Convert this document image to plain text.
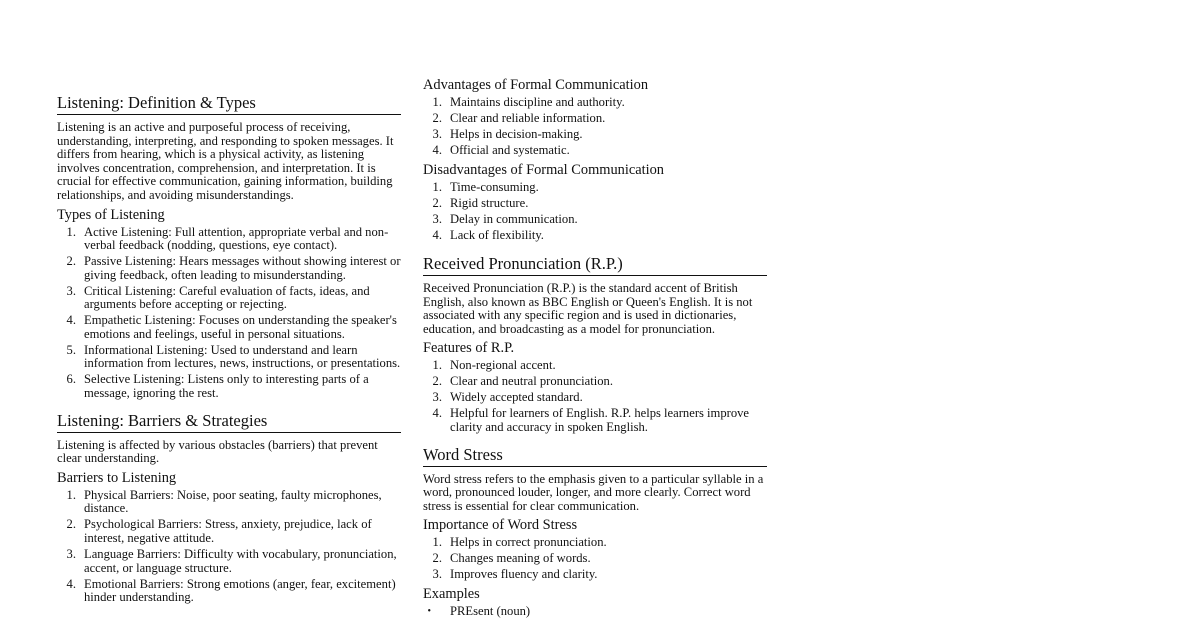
Listening: Definition & Types

Listening is an active and purposeful process of receiving, understanding, interpreting, and responding to spoken messages. It differs from hearing, which is a physical activity, as listening involves concentration, comprehension, and interpretation. It is crucial for effective communication, gaining information, building relationships, and avoiding misunderstandings.

Types of Listening
1. Active Listening: Full attention, appropriate verbal and non-verbal feedback (nodding, questions, eye contact).
2. Passive Listening: Hears messages without showing interest or giving feedback, often leading to misunderstanding.
3. Critical Listening: Careful evaluation of facts, ideas, and arguments before accepting or rejecting.
4. Empathetic Listening: Focuses on understanding the speaker's emotions and feelings, useful in personal situations.
5. Informational Listening: Used to understand and learn information from lectures, news, instructions, or presentations.
6. Selective Listening: Listens only to interesting parts of a message, ignoring the rest.
Listening: Barriers & Strategies

Listening is affected by various obstacles (barriers) that prevent clear understanding.

Barriers to Listening
1. Physical Barriers: Noise, poor seating, faulty microphones, distance.
2. Psychological Barriers: Stress, anxiety, prejudice, lack of interest, negative attitude.
3. Language Barriers: Difficulty with vocabulary, pronunciation, accent, or language structure.
4. Emotional Barriers: Strong emotions (anger, fear, excitement) hinder understanding.
Advantages of Formal Communication
1. Maintains discipline and authority.
2. Clear and reliable information.
3. Helps in decision-making.
4. Official and systematic.
Disadvantages of Formal Communication
1. Time-consuming.
2. Rigid structure.
3. Delay in communication.
4. Lack of flexibility.
Received Pronunciation (R.P.)

Received Pronunciation (R.P.) is the standard accent of British English, also known as BBC English or Queen's English. It is not associated with any specific region and is used in dictionaries, education, and broadcasting as a model for pronunciation.

Features of R.P.
1. Non-regional accent.
2. Clear and neutral pronunciation.
3. Widely accepted standard.
4. Helpful for learners of English. R.P. helps learners improve clarity and accuracy in spoken English.
Word Stress

Word stress refers to the emphasis given to a particular syllable in a word, pronounced louder, longer, and more clearly. Correct word stress is essential for clear communication.

Importance of Word Stress
1. Helps in correct pronunciation.
2. Changes meaning of words.
3. Improves fluency and clarity.
Examples
• PREsent (noun)
